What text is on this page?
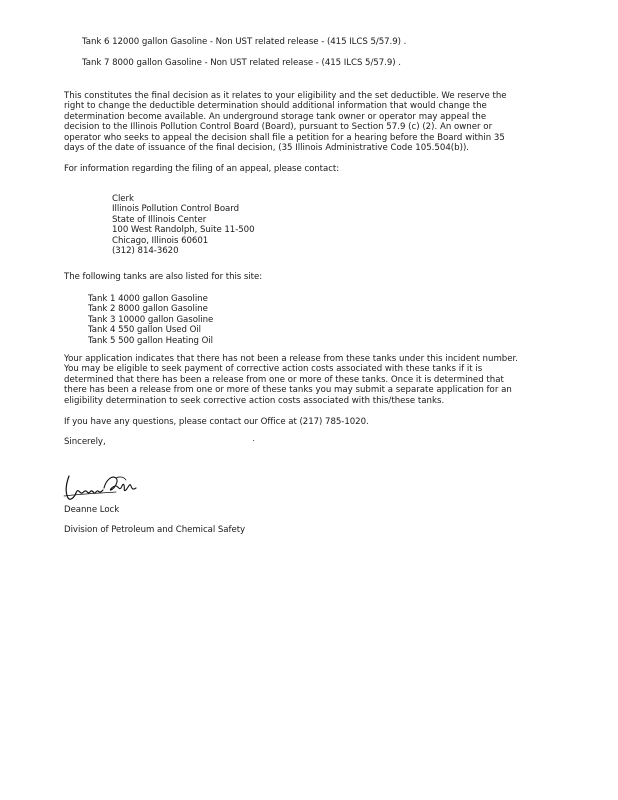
Tank 6 12000 gallon Gasoline - Non UST related release - (415 ILCS 5/57.9) .
Tank 7 8000 gallon Gasoline - Non UST related release - (415 ILCS 5/57.9) .
This constitutes the final decision as it relates to your eligibility and the set deductible. We reserve the
right to change the deductible determination should additional information that would change the
determination become available. An underground storage tank owner or operator may appeal the
decision to the Illinois Pollution Control Board (Board), pursuant to Section 57.9 (c) (2). An owner or
operator who seeks to appeal the decision shall file a petition for a hearing before the Board within 35
days of the date of issuance of the final decision, (35 Illinois Administrative Code 105.504(b)).
For information regarding the filing of an appeal, please contact:
Clerk
Illinois Pollution Control Board
State of Illinois Center
100 West Randolph, Suite 11-500
Chicago, Illinois 60601
(312) 814-3620
The following tanks are also listed for this site:
Tank 1 4000 gallon Gasoline
Tank 2 8000 gallon Gasoline
Tank 3 10000 gallon Gasoline
Tank 4 550 gallon Used Oil
Tank 5 500 gallon Heating Oil
Your application indicates that there has not been a release from these tanks under this incident number.
You may be eligible to seek payment of corrective action costs associated with these tanks if it is
determined that there has been a release from one or more of these tanks. Once it is determined that
there has been a release from one or more of these tanks you may submit a separate application for an
eligibility determination to seek corrective action costs associated with this/these tanks.
If you have any questions, please contact our Office at (217) 785-1020.
Sincerely,
Deanne Lock
Division of Petroleum and Chemical Safety
